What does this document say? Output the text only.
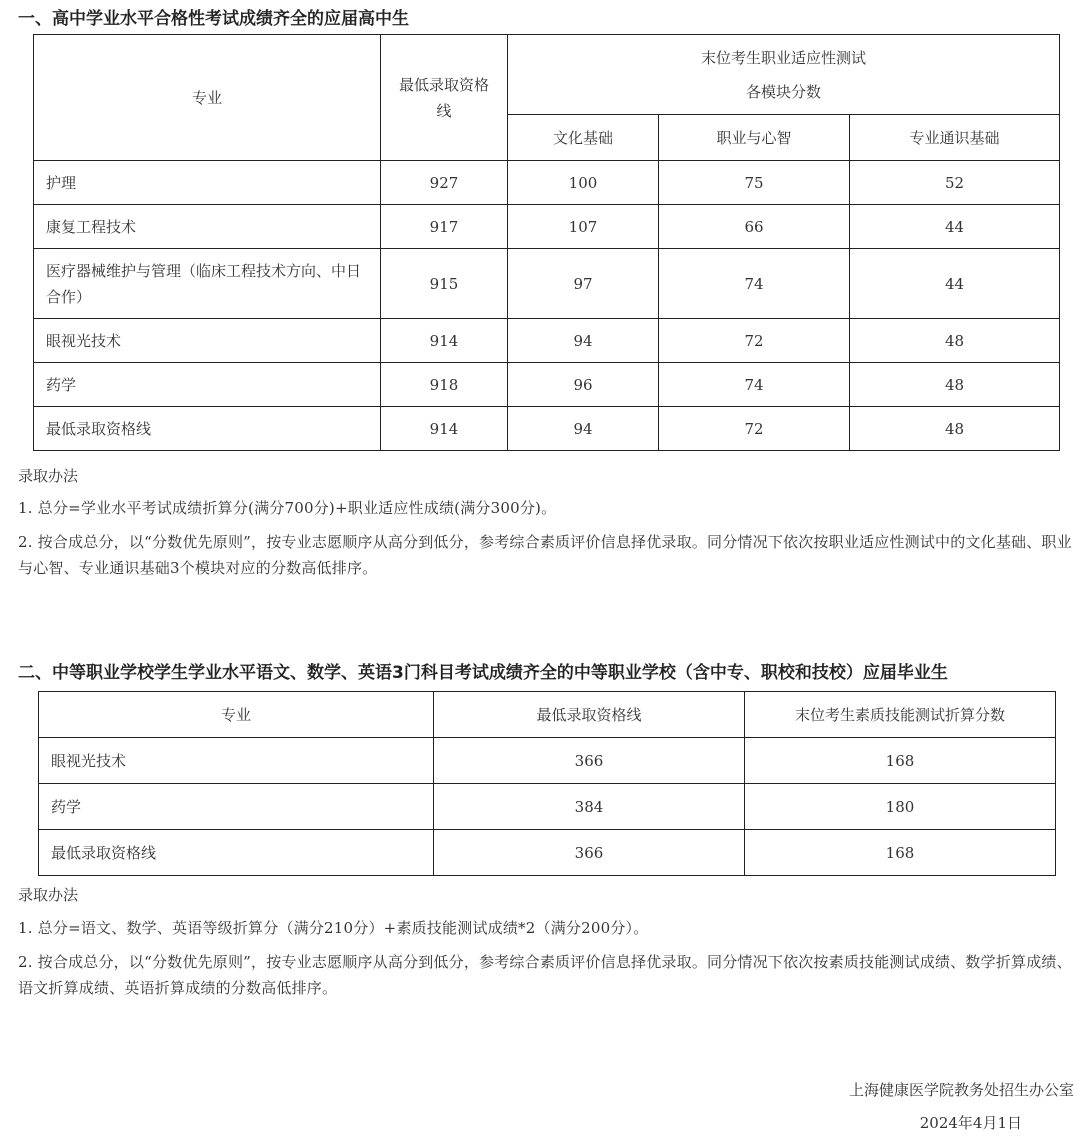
一、高中学业水平合格性考试成绩齐全的应届高中生
专业	最低录取资格线	末位考生职业适应性测试
各模块分数		

		文化基础	职业与心智	专业通识基础
护理	927	100	75	52
康复工程技术	917	107	66	44
医疗器械维护与管理（临床工程技术方向、中日合作）	915	97	74	44
眼视光技术	914	94	72	48
药学	918	96	74	48
最低录取资格线	914	94	72	48
录取办法
1. 总分=学业水平考试成绩折算分(满分700分)+职业适应性成绩(满分300分)。
2. 按合成总分，以“分数优先原则”，按专业志愿顺序从高分到低分，参考综合素质评价信息择优录取。同分情况下依次按职业适应性测试中的文化基础、职业与心智、专业通识基础3个模块对应的分数高低排序。
二、中等职业学校学生学业水平语文、数学、英语3门科目考试成绩齐全的中等职业学校（含中专、职校和技校）应届毕业生
专业	最低录取资格线	末位考生素质技能测试折算分数
眼视光技术	366	168
药学	384	180
最低录取资格线	366	168
录取办法
1. 总分=语文、数学、英语等级折算分（满分210分）+素质技能测试成绩*2（满分200分）。
2. 按合成总分，以“分数优先原则”，按专业志愿顺序从高分到低分，参考综合素质评价信息择优录取。同分情况下依次按素质技能测试成绩、数学折算成绩、语文折算成绩、英语折算成绩的分数高低排序。
上海健康医学院教务处招生办公室
2024年4月1日
